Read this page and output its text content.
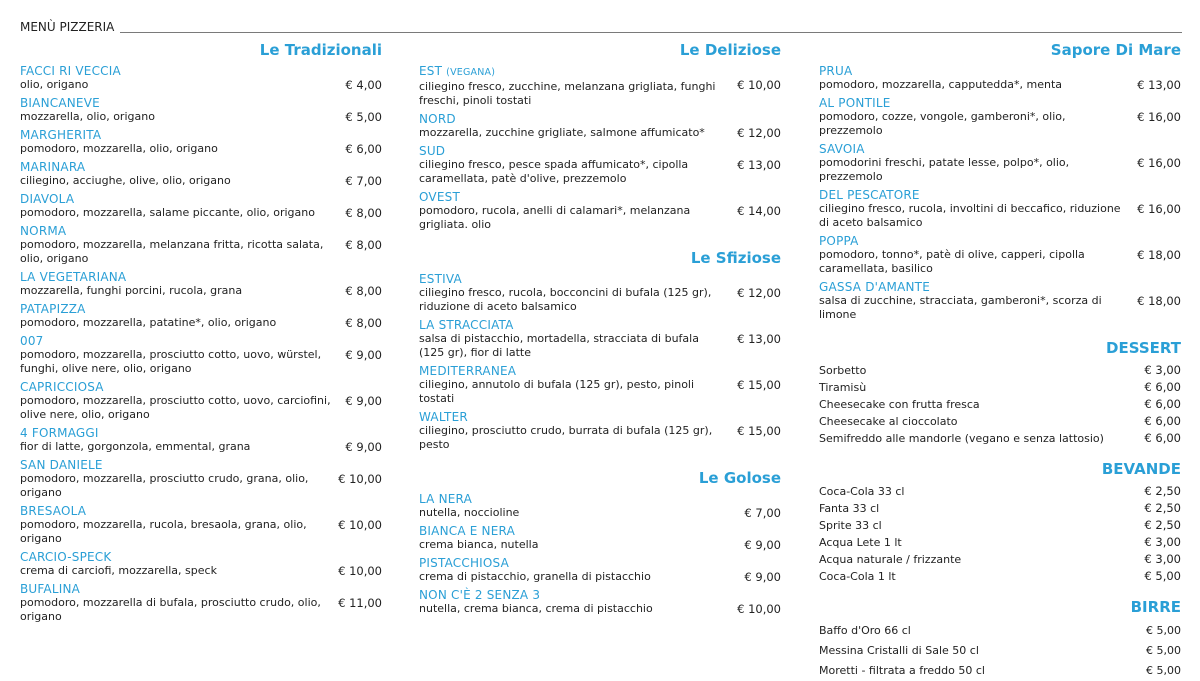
MENÙ PIZZERIA
Le Tradizionali
FACCI RI VECCIA
olio, origano	€ 4,00
BIANCANEVE
mozzarella, olio, origano	€ 5,00
MARGHERITA
pomodoro, mozzarella, olio, origano	€ 6,00
MARINARA
ciliegino, acciughe, olive, olio, origano	€ 7,00
DIAVOLA
pomodoro, mozzarella, salame piccante, olio, origano	€ 8,00
NORMA
pomodoro, mozzarella, melanzana fritta, ricotta salata, olio, origano
€ 8,00
LA VEGETARIANA
mozzarella, funghi porcini, rucola, grana	€ 8,00
PATAPIZZA
pomodoro, mozzarella, patatine*, olio, origano	€ 8,00
007
pomodoro, mozzarella, prosciutto cotto, uovo, würstel, funghi, olive nere, olio, origano
€ 9,00
CAPRICCIOSA
pomodoro, mozzarella, prosciutto cotto, uovo, carciofini, olive nere, olio, origano
€ 9,00
4 FORMAGGI
fior di latte, gorgonzola, emmental, grana	€ 9,00
SAN DANIELE
pomodoro, mozzarella, prosciutto crudo, grana, olio, origano
€ 10,00
BRESAOLA
pomodoro, mozzarella, rucola, bresaola, grana, olio, origano
€ 10,00
CARCIO-SPECK
crema di carciofi, mozzarella, speck	€ 10,00
BUFALINA
pomodoro, mozzarella di bufala, prosciutto crudo, olio, origano
€ 11,00
Le Deliziose
EST (VEGANA)
ciliegino fresco, zucchine, melanzana grigliata, funghi freschi, pinoli tostati
€ 10,00
NORD
mozzarella, zucchine grigliate, salmone affumicato*	€ 12,00
SUD
ciliegino fresco, pesce spada affumicato*, cipolla caramellata, patè d'olive, prezzemolo
€ 13,00
OVEST
pomodoro, rucola, anelli di calamari*, melanzana grigliata. olio
€ 14,00
Le Sfiziose
ESTIVA
ciliegino fresco, rucola, bocconcini di bufala (125 gr), riduzione di aceto balsamico
€ 12,00
LA STRACCIATA
salsa di pistacchio, mortadella, stracciata di bufala (125 gr), fior di latte
€ 13,00
MEDITERRANEA
ciliegino, annutolo di bufala (125 gr), pesto, pinoli tostati
€ 15,00
WALTER
ciliegino, prosciutto crudo, burrata di bufala (125 gr), pesto
€ 15,00
Le Golose
LA NERA
nutella, noccioline	€ 7,00
BIANCA E NERA
crema bianca, nutella	€ 9,00
PISTACCHIOSA
crema di pistacchio, granella di pistacchio	€ 9,00
NON C'È 2 SENZA 3
nutella, crema bianca, crema di pistacchio	€ 10,00
Sapore Di Mare
PRUA
pomodoro, mozzarella, capputedda*, menta	€ 13,00
AL PONTILE
pomodoro, cozze, vongole, gamberoni*, olio, prezzemolo
€ 16,00
SAVOIA
pomodorini freschi, patate lesse, polpo*, olio, prezzemolo
€ 16,00
DEL PESCATORE
ciliegino fresco, rucola, involtini di beccafico, riduzione di aceto balsamico
€ 16,00
POPPA
pomodoro, tonno*, patè di olive, capperi, cipolla caramellata, basilico
€ 18,00
GASSA D'AMANTE
salsa di zucchine, stracciata, gamberoni*, scorza di limone
€ 18,00
DESSERT
Sorbetto	€ 3,00
Tiramisù	€ 6,00
Cheesecake con frutta fresca	€ 6,00
Cheesecake al cioccolato	€ 6,00
Semifreddo alle mandorle (vegano e senza lattosio)	€ 6,00
BEVANDE
Coca-Cola 33 cl	€ 2,50
Fanta 33 cl	€ 2,50
Sprite 33 cl	€ 2,50
Acqua Lete 1 lt	€ 3,00
Acqua naturale / frizzante	€ 3,00
Coca-Cola 1 lt	€ 5,00
BIRRE
Baffo d'Oro 66 cl	€ 5,00
Messina Cristalli di Sale 50 cl	€ 5,00
Moretti - filtrata a freddo 50 cl	€ 5,00
